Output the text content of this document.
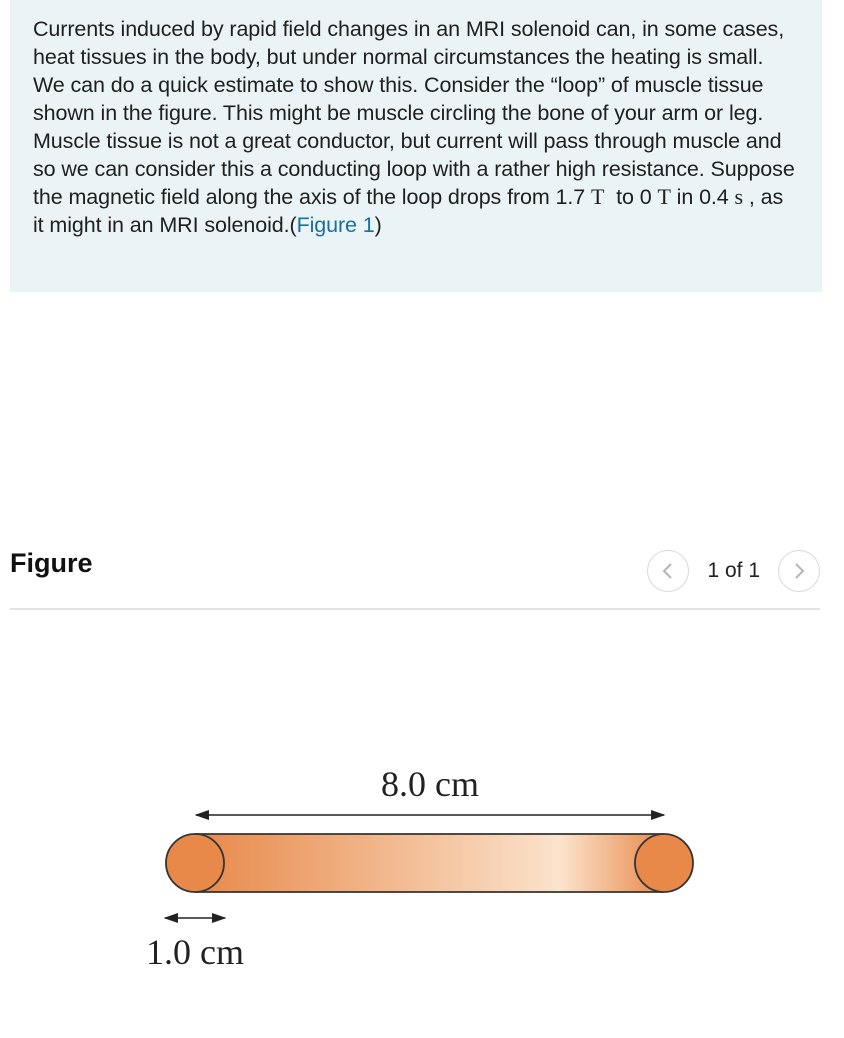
Currents induced by rapid field changes in an MRI solenoid can, in some cases, heat tissues in the body, but under normal circumstances the heating is small. We can do a quick estimate to show this. Consider the “loop” of muscle tissue shown in the figure. This might be muscle circling the bone of your arm or leg. Muscle tissue is not a great conductor, but current will pass through muscle and so we can consider this a conducting loop with a rather high resistance. Suppose the magnetic field along the axis of the loop drops from 1.7 T to 0 T in 0.4 s , as it might in an MRI solenoid.(Figure 1)

Figure	1 of 1
8.0 cm
1.0 cm
